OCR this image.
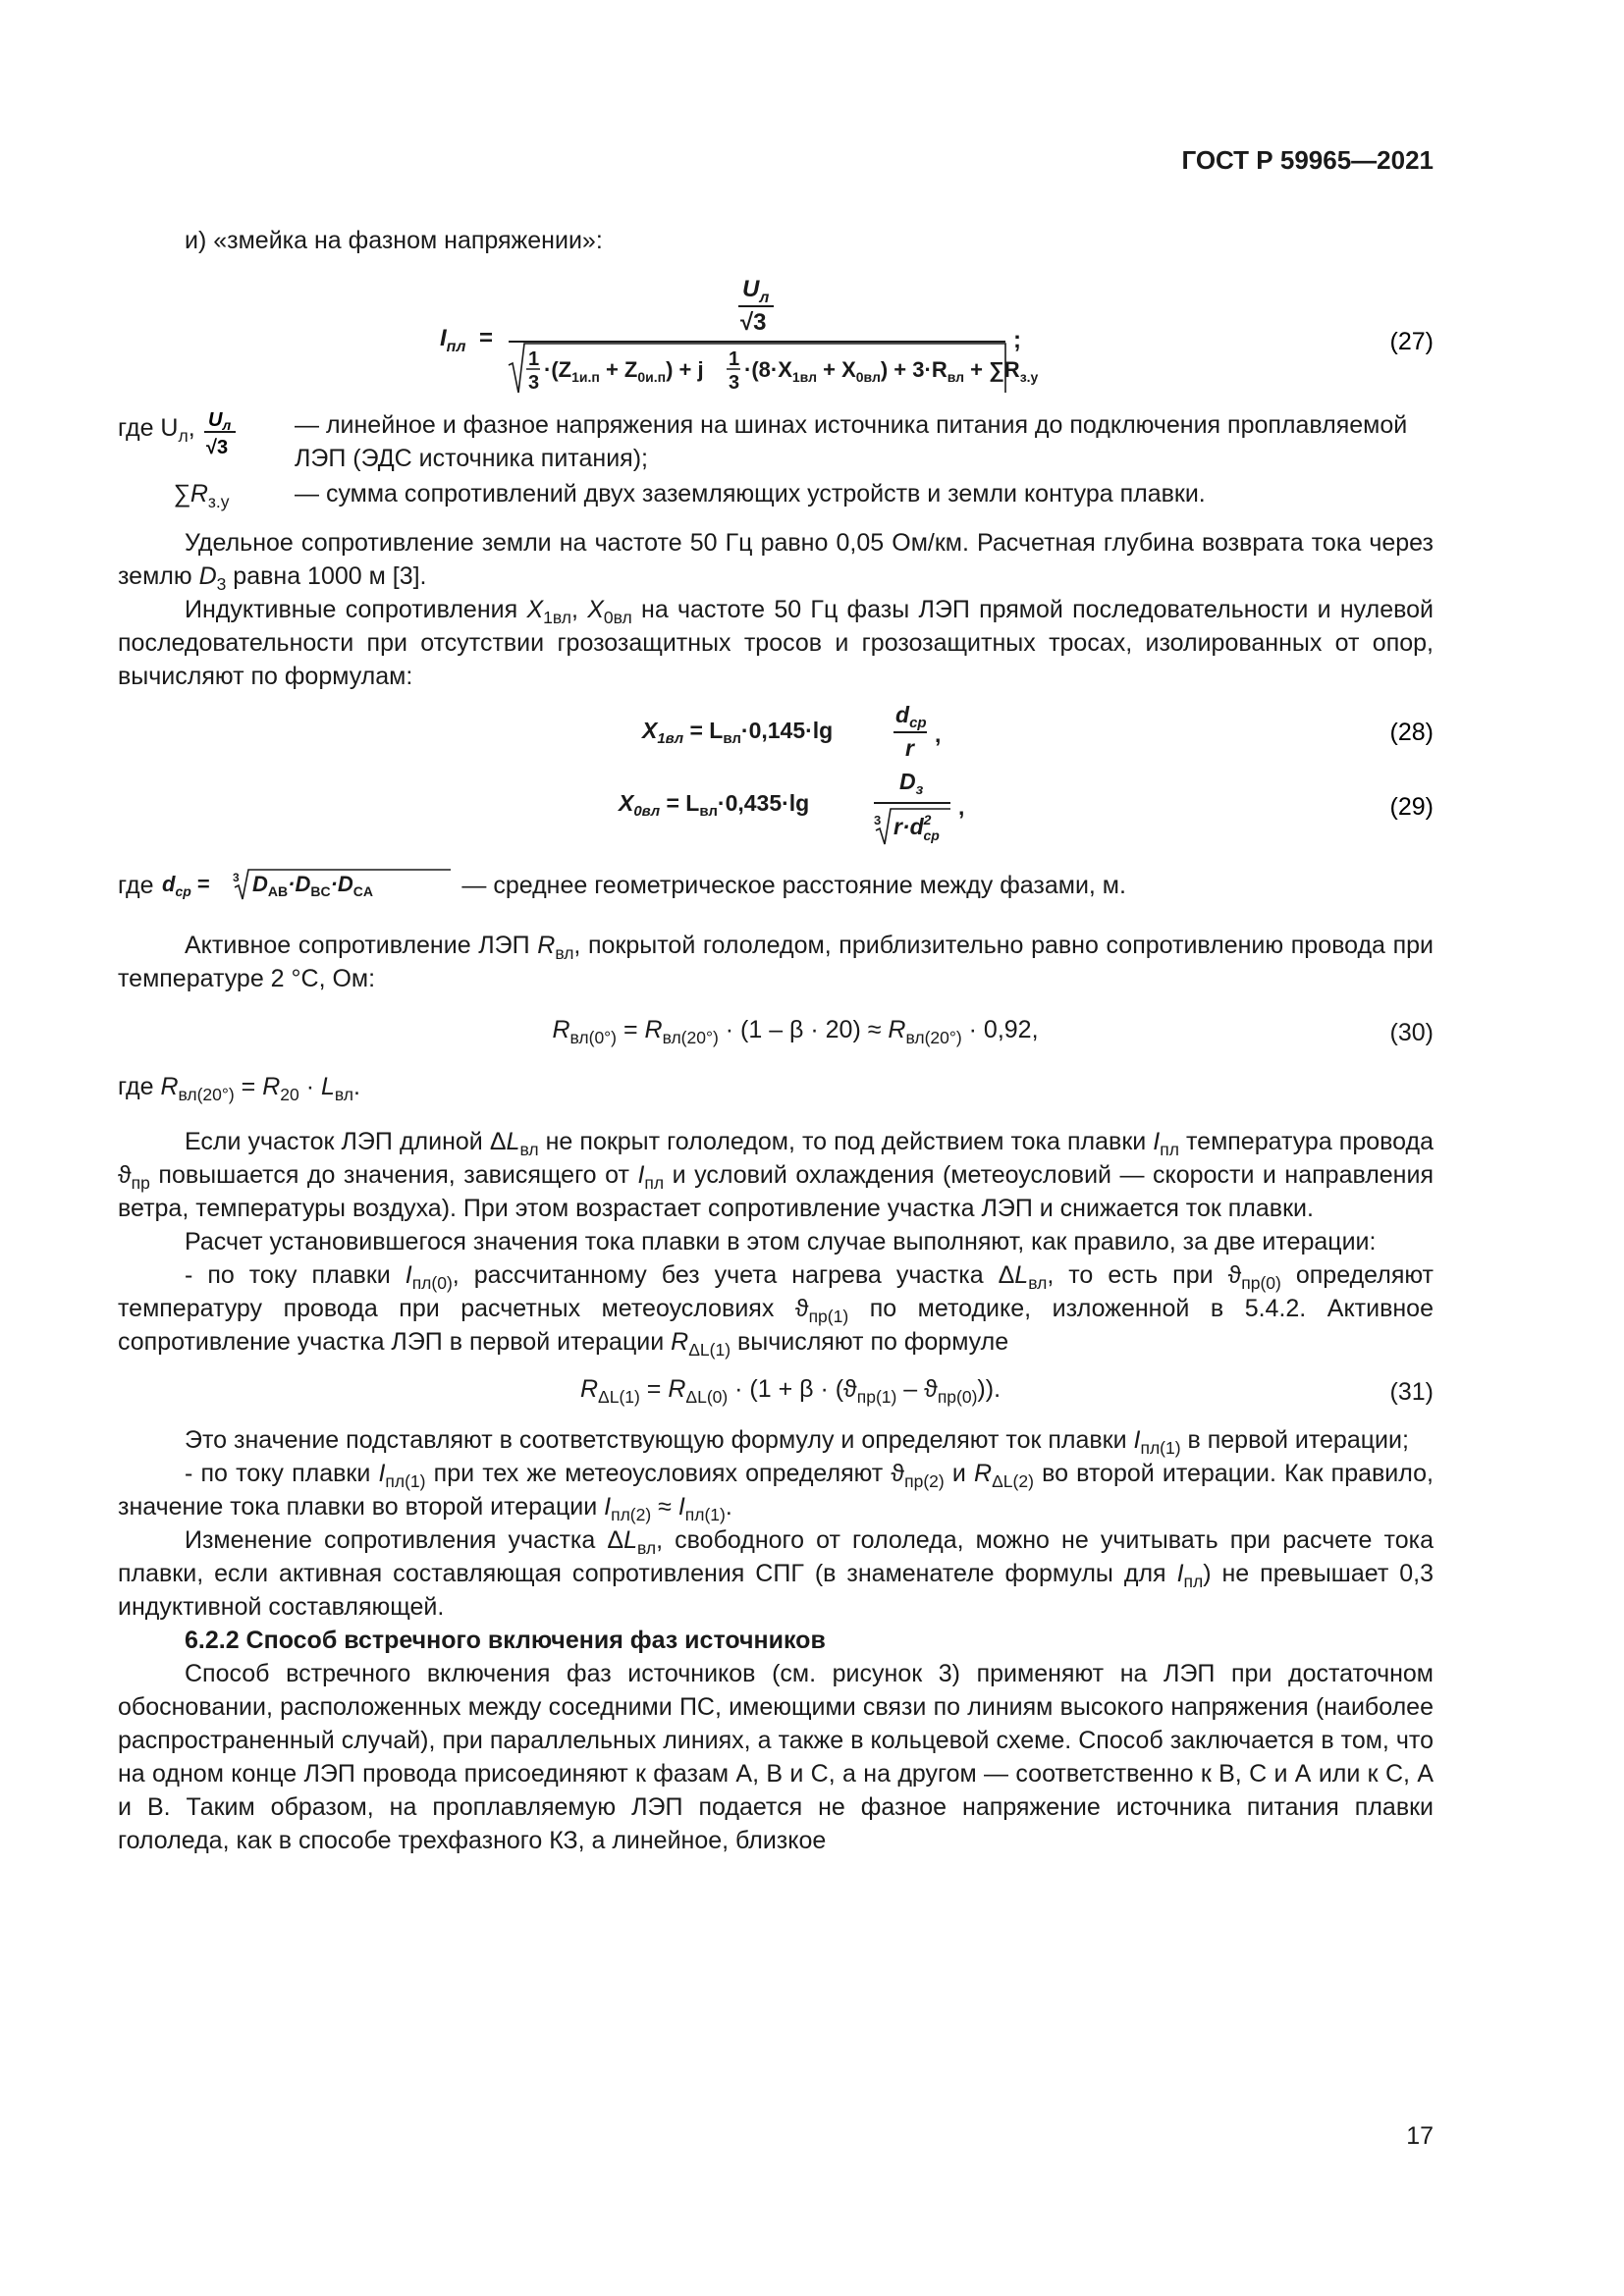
ГОСТ Р 59965—2021

и) «змейка на фазном напряжении»:

$I_{пл}$ =
$U_л$
√3
1
3
$\cdot(Z_{1и.п} + Z_{0и.п}) + j$ 1
3
$\cdot(8\cdot X_{1вл} + X_{0вл}) + 3\cdot R_{вл} + \sum R_{з.у}$
;	(27)
где $U_л$, $U_л$
√3
— линейное и фазное напряжения на шинах источника питания до подключения проплавляемой ЛЭП (ЭДС источника питания);
$\sum R_{з.у}$	— сумма сопротивлений двух заземляющих устройств и земли контура плавки.

Удельное сопротивление земли на частоте 50 Гц равно 0,05 Ом/км. Расчетная глубина возврата тока через землю $D_3$ равна 1000 м [3].

Индуктивные сопротивления $X_{1вл}$, $X_{0вл}$ на частоте 50 Гц фазы ЛЭП прямой последовательности и нулевой последовательности при отсутствии грозозащитных тросов и грозозащитных тросах, изолированных от опор, вычисляют по формулам:

$X_{1вл} = L_{вл}\cdot 0,145\cdot\lg$
$d_{ср}$
r
,	(28)
$X_{0вл} = L_{вл}\cdot 0,435\cdot\lg$
$D_з$
3 $r\cdot d^2$ ср
,	(29)
где $d_{ср} = 3$ $D_{AB}\cdot D_{BC}\cdot D_{CA}$	— среднее геометрическое расстояние между фазами, м.

Активное сопротивление ЛЭП $R_{вл}$, покрытой гололедом, приблизительно равно сопротивлению провода при температуре 2 °С, Ом:

$R_{вл(0^\circ)} = R_{вл(20^\circ)} \cdot (1 - \beta \cdot 20) \approx R_{вл(20^\circ)} \cdot 0,92$,	(30)

где $R_{вл(20^\circ)} = R_{20} \cdot L_{вл}$.

Если участок ЛЭП длиной $\Delta L_{вл}$ не покрыт гололедом, то под действием тока плавки $I_{пл}$ температура провода $ϑ_{пр}$ повышается до значения, зависящего от $I_{пл}$ и условий охлаждения (метеоусловий — скорости и направления ветра, температуры воздуха). При этом возрастает сопротивление участка ЛЭП и снижается ток плавки.

Расчет установившегося значения тока плавки в этом случае выполняют, как правило, за две итерации:

- по току плавки $I_{пл(0)}$, рассчитанному без учета нагрева участка $\Delta L_{вл}$, то есть при $ϑ_{пр(0)}$ определяют температуру провода при расчетных метеоусловиях $ϑ_{пр(1)}$ по методике, изложенной в 5.4.2. Активное сопротивление участка ЛЭП в первой итерации $R_{\Delta L(1)}$ вычисляют по формуле

$R_{\Delta L(1)} = R_{\Delta L(0)} \cdot (1 + \beta \cdot (ϑ_{пр(1)} - ϑ_{пр(0)}))$.	(31)

Это значение подставляют в соответствующую формулу и определяют ток плавки $I_{пл(1)}$ в первой итерации;

- по току плавки $I_{пл(1)}$ при тех же метеоусловиях определяют $ϑ_{пр(2)}$ и $R_{\Delta L(2)}$ во второй итерации. Как правило, значение тока плавки во второй итерации $I_{пл(2)} \approx I_{пл(1)}$.

Изменение сопротивления участка $\Delta L_{вл}$, свободного от гололеда, можно не учитывать при расчете тока плавки, если активная составляющая сопротивления СПГ (в знаменателе формулы для $I_{пл}$) не превышает 0,3 индуктивной составляющей.

6.2.2 Способ встречного включения фаз источников

Способ встречного включения фаз источников (см. рисунок 3) применяют на ЛЭП при достаточном обосновании, расположенных между соседними ПС, имеющими связи по линиям высокого напряжения (наиболее распространенный случай), при параллельных линиях, а также в кольцевой схеме. Способ заключается в том, что на одном конце ЛЭП провода присоединяют к фазам А, В и С, а на другом — соответственно к В, С и А или к С, А и В. Таким образом, на проплавляемую ЛЭП подается не фазное напряжение источника питания плавки гололеда, как в способе трехфазного КЗ, а линейное, близкое

17
